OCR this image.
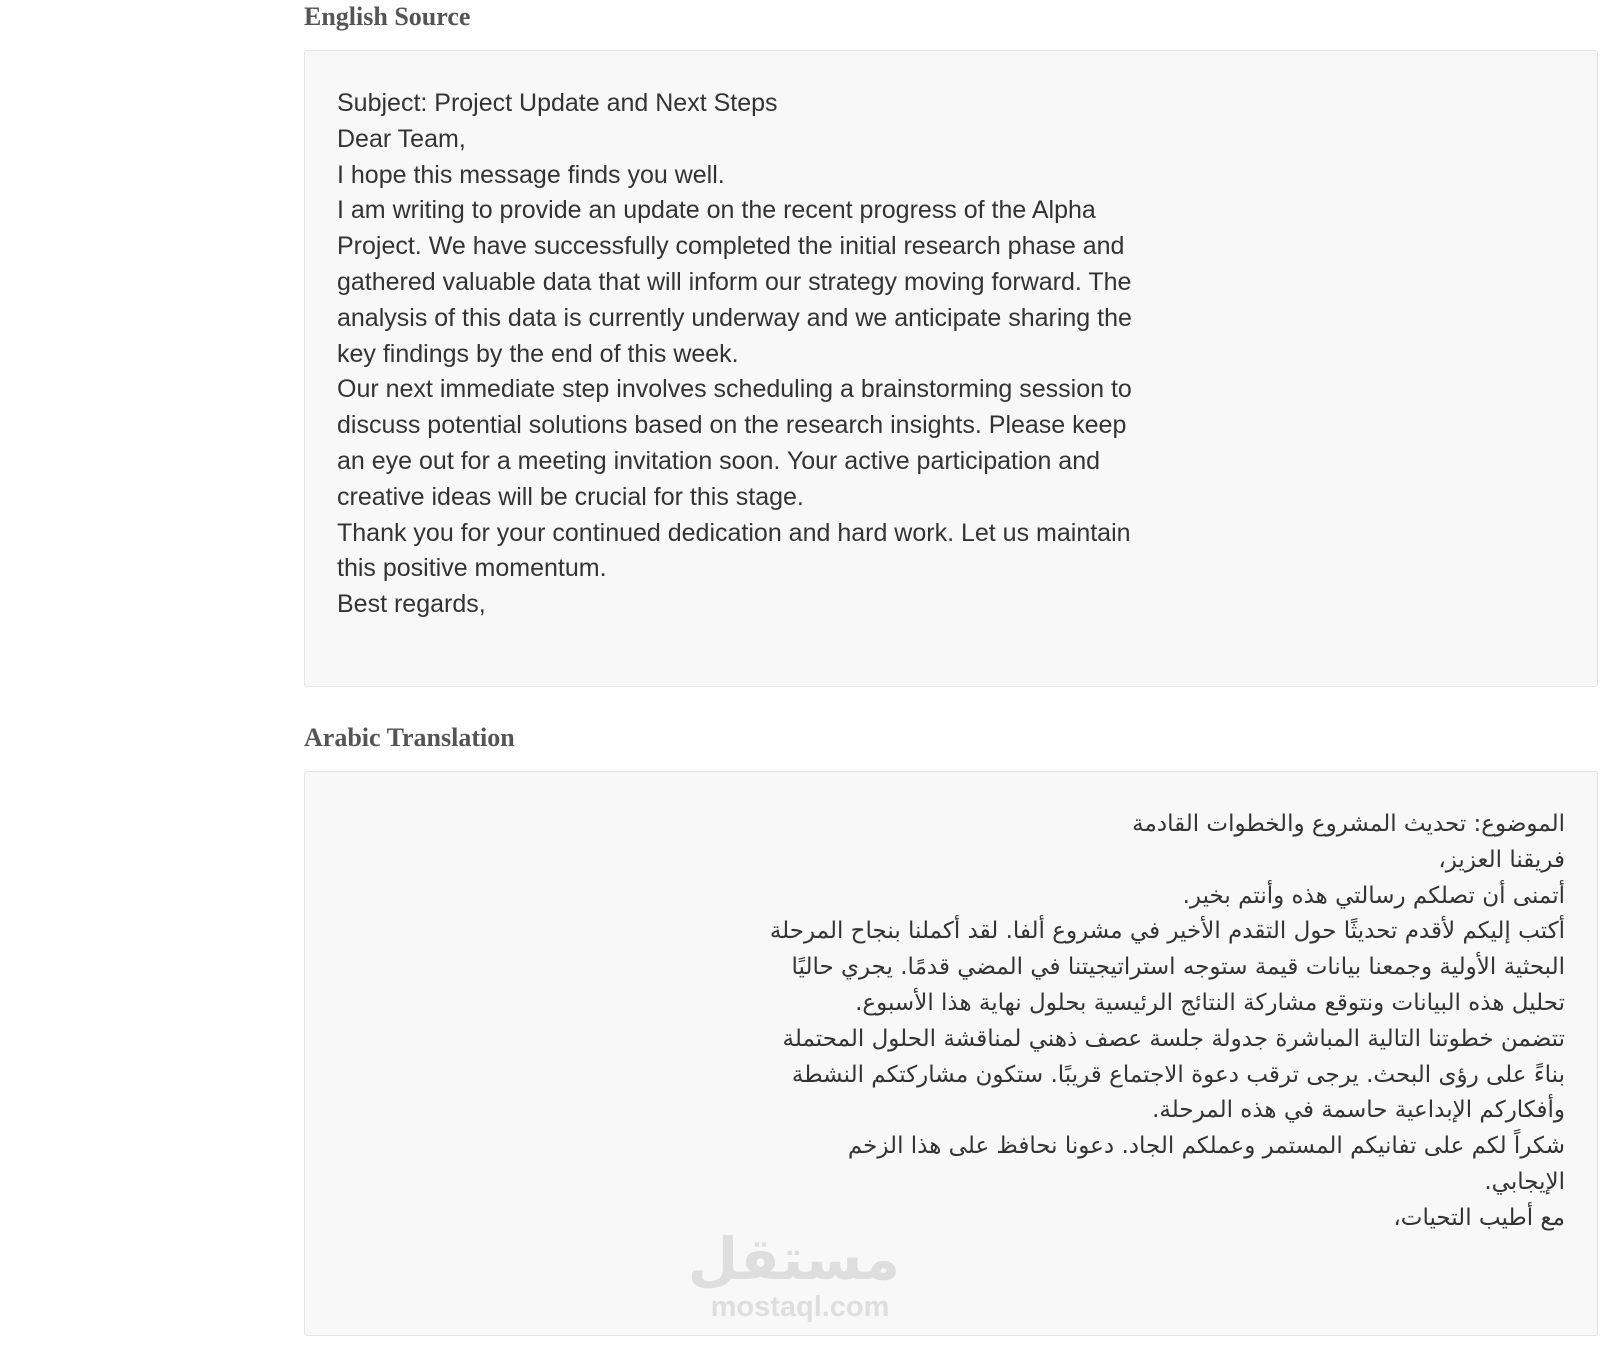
English Source

Subject: Project Update and Next Steps

Dear Team,

I hope this message finds you well.

I am writing to provide an update on the recent progress of the Alpha Project. We have successfully completed the initial research phase and gathered valuable data that will inform our strategy moving forward. The analysis of this data is currently underway and we anticipate sharing the key findings by the end of this week.

Our next immediate step involves scheduling a brainstorming session to discuss potential solutions based on the research insights. Please keep an eye out for a meeting invitation soon. Your active participation and creative ideas will be crucial for this stage.

Thank you for your continued dedication and hard work. Let us maintain this positive momentum.

Best regards,

Arabic Translation

الموضوع: تحديث المشروع والخطوات القادمة

فريقنا العزيز،

أتمنى أن تصلكم رسالتي هذه وأنتم بخير.

أكتب إليكم لأقدم تحديثًا حول التقدم الأخير في مشروع ألفا. لقد أكملنا بنجاح المرحلة البحثية الأولية وجمعنا بيانات قيمة ستوجه استراتيجيتنا في المضي قدمًا. يجري حاليًا تحليل هذه البيانات ونتوقع مشاركة النتائج الرئيسية بحلول نهاية هذا الأسبوع.

تتضمن خطوتنا التالية المباشرة جدولة جلسة عصف ذهني لمناقشة الحلول المحتملة بناءً على رؤى البحث. يرجى ترقب دعوة الاجتماع قريبًا. ستكون مشاركتكم النشطة وأفكاركم الإبداعية حاسمة في هذه المرحلة.

شكراً لكم على تفانيكم المستمر وعملكم الجاد. دعونا نحافظ على هذا الزخم الإيجابي.

مع أطيب التحيات،

مستقل
mostaql.com
